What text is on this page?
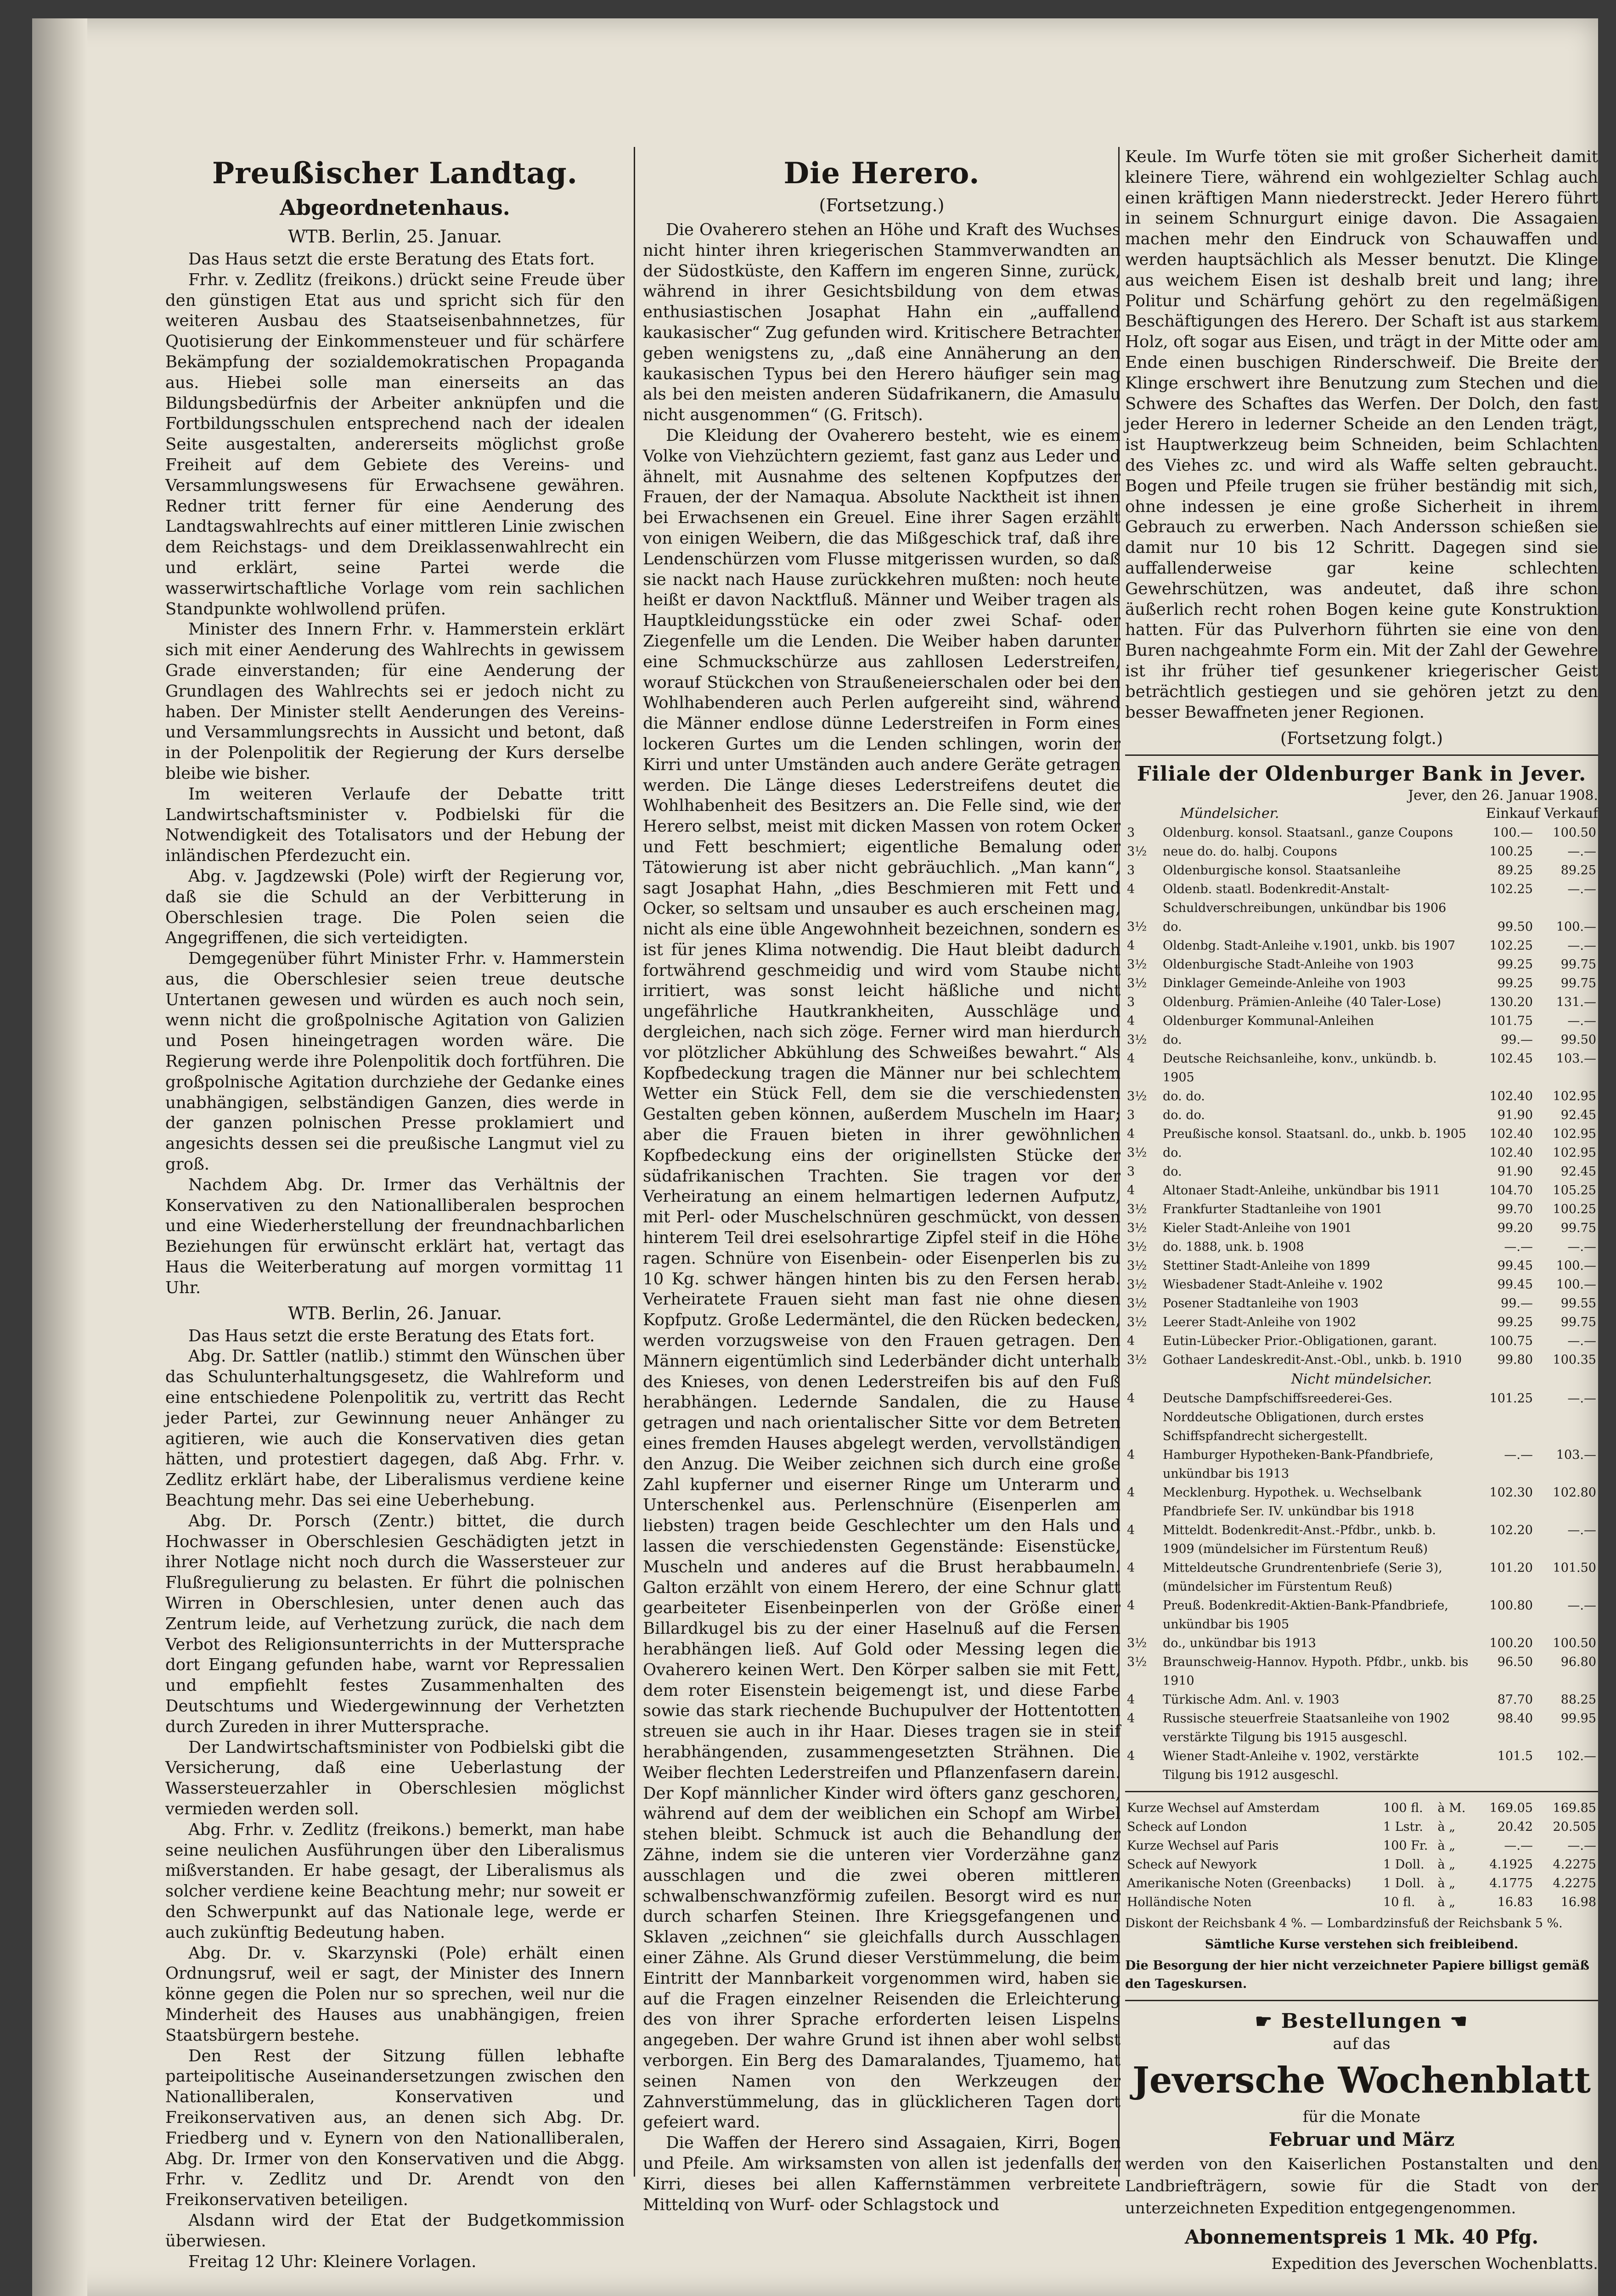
Preußischer Landtag.
Abgeordnetenhaus.
WTB. Berlin, 25. Januar.

Das Haus setzt die erste Beratung des Etats fort.

Frhr. v. Zedlitz (freikons.) drückt seine Freude über den günstigen Etat aus und spricht sich für den weiteren Ausbau des Staatseisenbahnnetzes, für Quotisierung der Einkommensteuer und für schärfere Bekämpfung der sozialdemokratischen Propaganda aus. Hiebei solle man einerseits an das Bildungsbedürfnis der Arbeiter anknüpfen und die Fortbildungsschulen entsprechend nach der idealen Seite ausgestalten, andererseits möglichst große Freiheit auf dem Gebiete des Vereins- und Versammlungswesens für Erwachsene gewähren. Redner tritt ferner für eine Aenderung des Landtagswahlrechts auf einer mittleren Linie zwischen dem Reichstags- und dem Dreiklassenwahlrecht ein und erklärt, seine Partei werde die wasserwirtschaftliche Vorlage vom rein sachlichen Standpunkte wohlwollend prüfen.

Minister des Innern Frhr. v. Hammerstein erklärt sich mit einer Aenderung des Wahlrechts in gewissem Grade einverstanden; für eine Aenderung der Grundlagen des Wahlrechts sei er jedoch nicht zu haben. Der Minister stellt Aenderungen des Vereins- und Versammlungsrechts in Aussicht und betont, daß in der Polenpolitik der Regierung der Kurs derselbe bleibe wie bisher.

Im weiteren Verlaufe der Debatte tritt Landwirtschaftsminister v. Podbielski für die Notwendigkeit des Totalisators und der Hebung der inländischen Pferdezucht ein.

Abg. v. Jagdzewski (Pole) wirft der Regierung vor, daß sie die Schuld an der Verbitterung in Oberschlesien trage. Die Polen seien die Angegriffenen, die sich verteidigten.

Demgegenüber führt Minister Frhr. v. Hammerstein aus, die Oberschlesier seien treue deutsche Untertanen gewesen und würden es auch noch sein, wenn nicht die großpolnische Agitation von Galizien und Posen hineingetragen worden wäre. Die Regierung werde ihre Polenpolitik doch fortführen. Die großpolnische Agitation durchziehe der Gedanke eines unabhängigen, selbständigen Ganzen, dies werde in der ganzen polnischen Presse proklamiert und angesichts dessen sei die preußische Langmut viel zu groß.

Nachdem Abg. Dr. Irmer das Verhältnis der Konservativen zu den Nationalliberalen besprochen und eine Wiederherstellung der freundnachbarlichen Beziehungen für erwünscht erklärt hat, vertagt das Haus die Weiterberatung auf morgen vormittag 11 Uhr.

WTB. Berlin, 26. Januar.

Das Haus setzt die erste Beratung des Etats fort.

Abg. Dr. Sattler (natlib.) stimmt den Wünschen über das Schulunterhaltungsgesetz, die Wahlreform und eine entschiedene Polenpolitik zu, vertritt das Recht jeder Partei, zur Gewinnung neuer Anhänger zu agitieren, wie auch die Konservativen dies getan hätten, und protestiert dagegen, daß Abg. Frhr. v. Zedlitz erklärt habe, der Liberalismus verdiene keine Beachtung mehr. Das sei eine Ueberhebung.

Abg. Dr. Porsch (Zentr.) bittet, die durch Hochwasser in Oberschlesien Geschädigten jetzt in ihrer Notlage nicht noch durch die Wassersteuer zur Flußregulierung zu belasten. Er führt die polnischen Wirren in Oberschlesien, unter denen auch das Zentrum leide, auf Verhetzung zurück, die nach dem Verbot des Religionsunterrichts in der Muttersprache dort Eingang gefunden habe, warnt vor Repressalien und empfiehlt festes Zusammenhalten des Deutschtums und Wiedergewinnung der Verhetzten durch Zureden in ihrer Muttersprache.

Der Landwirtschaftsminister von Podbielski gibt die Versicherung, daß eine Ueberlastung der Wassersteuerzahler in Oberschlesien möglichst vermieden werden soll.

Abg. Frhr. v. Zedlitz (freikons.) bemerkt, man habe seine neulichen Ausführungen über den Liberalismus mißverstanden. Er habe gesagt, der Liberalismus als solcher verdiene keine Beachtung mehr; nur soweit er den Schwerpunkt auf das Nationale lege, werde er auch zukünftig Bedeutung haben.

Abg. Dr. v. Skarzynski (Pole) erhält einen Ordnungsruf, weil er sagt, der Minister des Innern könne gegen die Polen nur so sprechen, weil nur die Minderheit des Hauses aus unabhängigen, freien Staatsbürgern bestehe.

Den Rest der Sitzung füllen lebhafte parteipolitische Auseinandersetzungen zwischen den Nationalliberalen, Konservativen und Freikonservativen aus, an denen sich Abg. Dr. Friedberg und v. Eynern von den Nationalliberalen, Abg. Dr. Irmer von den Konservativen und die Abgg. Frhr. v. Zedlitz und Dr. Arendt von den Freikonservativen beteiligen.

Alsdann wird der Etat der Budgetkommission überwiesen.

Freitag 12 Uhr: Kleinere Vorlagen.

Die Herero.
(Fortsetzung.)

Die Ovaherero stehen an Höhe und Kraft des Wuchses nicht hinter ihren kriegerischen Stammverwandten an der Südostküste, den Kaffern im engeren Sinne, zurück, während in ihrer Gesichtsbildung von dem etwas enthusiastischen Josaphat Hahn ein „auffallend kaukasischer“ Zug gefunden wird. Kritischere Betrachter geben wenigstens zu, „daß eine Annäherung an den kaukasischen Typus bei den Herero häufiger sein mag als bei den meisten anderen Südafrikanern, die Amasulu nicht ausgenommen“ (G. Fritsch).

Die Kleidung der Ovaherero besteht, wie es einem Volke von Viehzüchtern geziemt, fast ganz aus Leder und ähnelt, mit Ausnahme des seltenen Kopfputzes der Frauen, der der Namaqua. Absolute Nacktheit ist ihnen bei Erwachsenen ein Greuel. Eine ihrer Sagen erzählt von einigen Weibern, die das Mißgeschick traf, daß ihre Lendenschürzen vom Flusse mitgerissen wurden, so daß sie nackt nach Hause zurückkehren mußten: noch heute heißt er davon Nacktfluß. Männer und Weiber tragen als Hauptkleidungsstücke ein oder zwei Schaf- oder Ziegenfelle um die Lenden. Die Weiber haben darunter eine Schmuckschürze aus zahllosen Lederstreifen, worauf Stückchen von Straußeneierschalen oder bei den Wohlhabenderen auch Perlen aufgereiht sind, während die Männer endlose dünne Lederstreifen in Form eines lockeren Gurtes um die Lenden schlingen, worin der Kirri und unter Umständen auch andere Geräte getragen werden. Die Länge dieses Lederstreifens deutet die Wohlhabenheit des Besitzers an. Die Felle sind, wie der Herero selbst, meist mit dicken Massen von rotem Ocker und Fett beschmiert; eigentliche Bemalung oder Tätowierung ist aber nicht gebräuchlich. „Man kann“, sagt Josaphat Hahn, „dies Beschmieren mit Fett und Ocker, so seltsam und unsauber es auch erscheinen mag, nicht als eine üble Angewohnheit bezeichnen, sondern es ist für jenes Klima notwendig. Die Haut bleibt dadurch fortwährend geschmeidig und wird vom Staube nicht irritiert, was sonst leicht häßliche und nicht ungefährliche Hautkrankheiten, Ausschläge und dergleichen, nach sich zöge. Ferner wird man hierdurch vor plötzlicher Abkühlung des Schweißes bewahrt.“ Als Kopfbedeckung tragen die Männer nur bei schlechtem Wetter ein Stück Fell, dem sie die verschiedensten Gestalten geben können, außerdem Muscheln im Haar; aber die Frauen bieten in ihrer gewöhnlichen Kopfbedeckung eins der originellsten Stücke der südafrikanischen Trachten. Sie tragen vor der Verheiratung an einem helmartigen ledernen Aufputz, mit Perl- oder Muschelschnüren geschmückt, von dessen hinterem Teil drei eselsohrartige Zipfel steif in die Höhe ragen. Schnüre von Eisenbein- oder Eisenperlen bis zu 10 Kg. schwer hängen hinten bis zu den Fersen herab. Verheiratete Frauen sieht man fast nie ohne diesen Kopfputz. Große Ledermäntel, die den Rücken bedecken, werden vorzugsweise von den Frauen getragen. Den Männern eigentümlich sind Lederbänder dicht unterhalb des Knieses, von denen Lederstreifen bis auf den Fuß herabhängen. Ledernde Sandalen, die zu Hause getragen und nach orientalischer Sitte vor dem Betreten eines fremden Hauses abgelegt werden, vervollständigen den Anzug. Die Weiber zeichnen sich durch eine große Zahl kupferner und eiserner Ringe um Unterarm und Unterschenkel aus. Perlenschnüre (Eisenperlen am liebsten) tragen beide Geschlechter um den Hals und lassen die verschiedensten Gegenstände: Eisenstücke, Muscheln und anderes auf die Brust herabbaumeln. Galton erzählt von einem Herero, der eine Schnur glatt gearbeiteter Eisenbeinperlen von der Größe einer Billardkugel bis zu der einer Haselnuß auf die Fersen herabhängen ließ. Auf Gold oder Messing legen die Ovaherero keinen Wert. Den Körper salben sie mit Fett, dem roter Eisenstein beigemengt ist, und diese Farbe sowie das stark riechende Buchupulver der Hottentotten streuen sie auch in ihr Haar. Dieses tragen sie in steif herabhängenden, zusammengesetzten Strähnen. Die Weiber flechten Lederstreifen und Pflanzenfasern darein. Der Kopf männlicher Kinder wird öfters ganz geschoren, während auf dem der weiblichen ein Schopf am Wirbel stehen bleibt. Schmuck ist auch die Behandlung der Zähne, indem sie die unteren vier Vorderzähne ganz ausschlagen und die zwei oberen mittleren schwalbenschwanzförmig zufeilen. Besorgt wird es nur durch scharfen Steinen. Ihre Kriegsgefangenen und Sklaven „zeichnen“ sie gleichfalls durch Ausschlagen einer Zähne. Als Grund dieser Verstümmelung, die beim Eintritt der Mannbarkeit vorgenommen wird, haben sie auf die Fragen einzelner Reisenden die Erleichterung des von ihrer Sprache erforderten leisen Lispelns angegeben. Der wahre Grund ist ihnen aber wohl selbst verborgen. Ein Berg des Damaralandes, Tjuamemo, hat seinen Namen von den Werkzeugen der Zahnverstümmelung, das in glücklicheren Tagen dort gefeiert ward.

Die Waffen der Herero sind Assagaien, Kirri, Bogen und Pfeile. Am wirksamsten von allen ist jedenfalls der Kirri, dieses bei allen Kaffernstämmen verbreitete Mitteldinq von Wurf- oder Schlagstock und

Keule. Im Wurfe töten sie mit großer Sicherheit damit kleinere Tiere, während ein wohlgezielter Schlag auch einen kräftigen Mann niederstreckt. Jeder Herero führt in seinem Schnurgurt einige davon. Die Assagaien machen mehr den Eindruck von Schauwaffen und werden hauptsächlich als Messer benutzt. Die Klinge aus weichem Eisen ist deshalb breit und lang; ihre Politur und Schärfung gehört zu den regelmäßigen Beschäftigungen des Herero. Der Schaft ist aus starkem Holz, oft sogar aus Eisen, und trägt in der Mitte oder am Ende einen buschigen Rinderschweif. Die Breite der Klinge erschwert ihre Benutzung zum Stechen und die Schwere des Schaftes das Werfen. Der Dolch, den fast jeder Herero in lederner Scheide an den Lenden trägt, ist Hauptwerkzeug beim Schneiden, beim Schlachten des Viehes zc. und wird als Waffe selten gebraucht. Bogen und Pfeile trugen sie früher beständig mit sich, ohne indessen je eine große Sicherheit in ihrem Gebrauch zu erwerben. Nach Andersson schießen sie damit nur 10 bis 12 Schritt. Dagegen sind sie auffallenderweise gar keine schlechten Gewehrschützen, was andeutet, daß ihre schon äußerlich recht rohen Bogen keine gute Konstruktion hatten. Für das Pulverhorn führten sie eine von den Buren nachgeahmte Form ein. Mit der Zahl der Gewehre ist ihr früher tief gesunkener kriegerischer Geist beträchtlich gestiegen und sie gehören jetzt zu den besser Bewaffneten jener Regionen.

(Fortsetzung folgt.)
Filiale der Oldenburger Bank in Jever.
Jever, den 26. Januar 1908.
Mündelsicher.	Einkauf Verkauf
3	Oldenburg. konsol. Staatsanl., ganze Coupons	100.—	100.50
3½	neue do. do. halbj. Coupons	100.25	—.—
3	Oldenburgische konsol. Staatsanleihe	89.25	89.25
4	Oldenb. staatl. Bodenkredit-Anstalt-Schuldverschreibungen, unkündbar bis 1906	102.25	—.—
3½	do.	99.50	100.—
4	Oldenbg. Stadt-Anleihe v.1901, unkb. bis 1907	102.25	—.—
3½	Oldenburgische Stadt-Anleihe von 1903	99.25	99.75
3½	Dinklager Gemeinde-Anleihe von 1903	99.25	99.75
3	Oldenburg. Prämien-Anleihe (40 Taler-Lose)	130.20	131.—
4	Oldenburger Kommunal-Anleihen	101.75	—.—
3½	do.	99.—	99.50
4	Deutsche Reichsanleihe, konv., unkündb. b. 1905	102.45	103.—
3½	do. do.	102.40	102.95
3	do. do.	91.90	92.45
4	Preußische konsol. Staatsanl. do., unkb. b. 1905	102.40	102.95
3½	do.	102.40	102.95
3	do.	91.90	92.45
4	Altonaer Stadt-Anleihe, unkündbar bis 1911	104.70	105.25
3½	Frankfurter Stadtanleihe von 1901	99.70	100.25
3½	Kieler Stadt-Anleihe von 1901	99.20	99.75
3½	do. 1888, unk. b. 1908	—.—	—.—
3½	Stettiner Stadt-Anleihe von 1899	99.45	100.—
3½	Wiesbadener Stadt-Anleihe v. 1902	99.45	100.—
3½	Posener Stadtanleihe von 1903	99.—	99.55
3½	Leerer Stadt-Anleihe von 1902	99.25	99.75
4	Eutin-Lübecker Prior.-Obligationen, garant.	100.75	—.—
3½	Gothaer Landeskredit-Anst.-Obl., unkb. b. 1910	99.80	100.35
Nicht mündelsicher.
4	Deutsche Dampfschiffsreederei-Ges. Norddeutsche Obligationen, durch erstes Schiffspfandrecht sichergestellt.	101.25	—.—
4	Hamburger Hypotheken-Bank-Pfandbriefe, unkündbar bis 1913	—.—	103.—
4	Mecklenburg. Hypothek. u. Wechselbank Pfandbriefe Ser. IV. unkündbar bis 1918	102.30	102.80
4	Mitteldt. Bodenkredit-Anst.-Pfdbr., unkb. b. 1909 (mündelsicher im Fürstentum Reuß)	102.20	—.—
4	Mitteldeutsche Grundrentenbriefe (Serie 3), (mündelsicher im Fürstentum Reuß)	101.20	101.50
4	Preuß. Bodenkredit-Aktien-Bank-Pfandbriefe, unkündbar bis 1905	100.80	—.—
3½	do., unkündbar bis 1913	100.20	100.50
3½	Braunschweig-Hannov. Hypoth. Pfdbr., unkb. bis 1910	96.50	96.80
4	Türkische Adm. Anl. v. 1903	87.70	88.25
4	Russische steuerfreie Staatsanleihe von 1902 verstärkte Tilgung bis 1915 ausgeschl.	98.40	99.95
4	Wiener Stadt-Anleihe v. 1902, verstärkte Tilgung bis 1912 ausgeschl.	101.5	102.—
Kurze Wechsel auf Amsterdam	100 fl.	à M.	169.05	169.85
Scheck auf London	1 Lstr.	à „	20.42	20.505
Kurze Wechsel auf Paris	100 Fr.	à „	—.—	—.—
Scheck auf Newyork	1 Doll.	à „	4.1925	4.2275
Amerikanische Noten (Greenbacks)	1 Doll.	à „	4.1775	4.2275
Holländische Noten	10 fl.	à „	16.83	16.98
Diskont der Reichsbank 4 %. — Lombardzinsfuß der Reichsbank 5 %.
Sämtliche Kurse verstehen sich freibleibend.
Die Besorgung der hier nicht verzeichneter Papiere billigst gemäß den Tageskursen.
☛ Bestellungen ☚
auf das
Jeversche Wochenblatt
für die Monate
Februar und März
werden von den Kaiserlichen Postanstalten und den Landbriefträgern, sowie für die Stadt von der unterzeichneten Expedition entgegengenommen.
Abonnementspreis 1 Mk. 40 Pfg.
Expedition des Jeverschen Wochenblatts.
